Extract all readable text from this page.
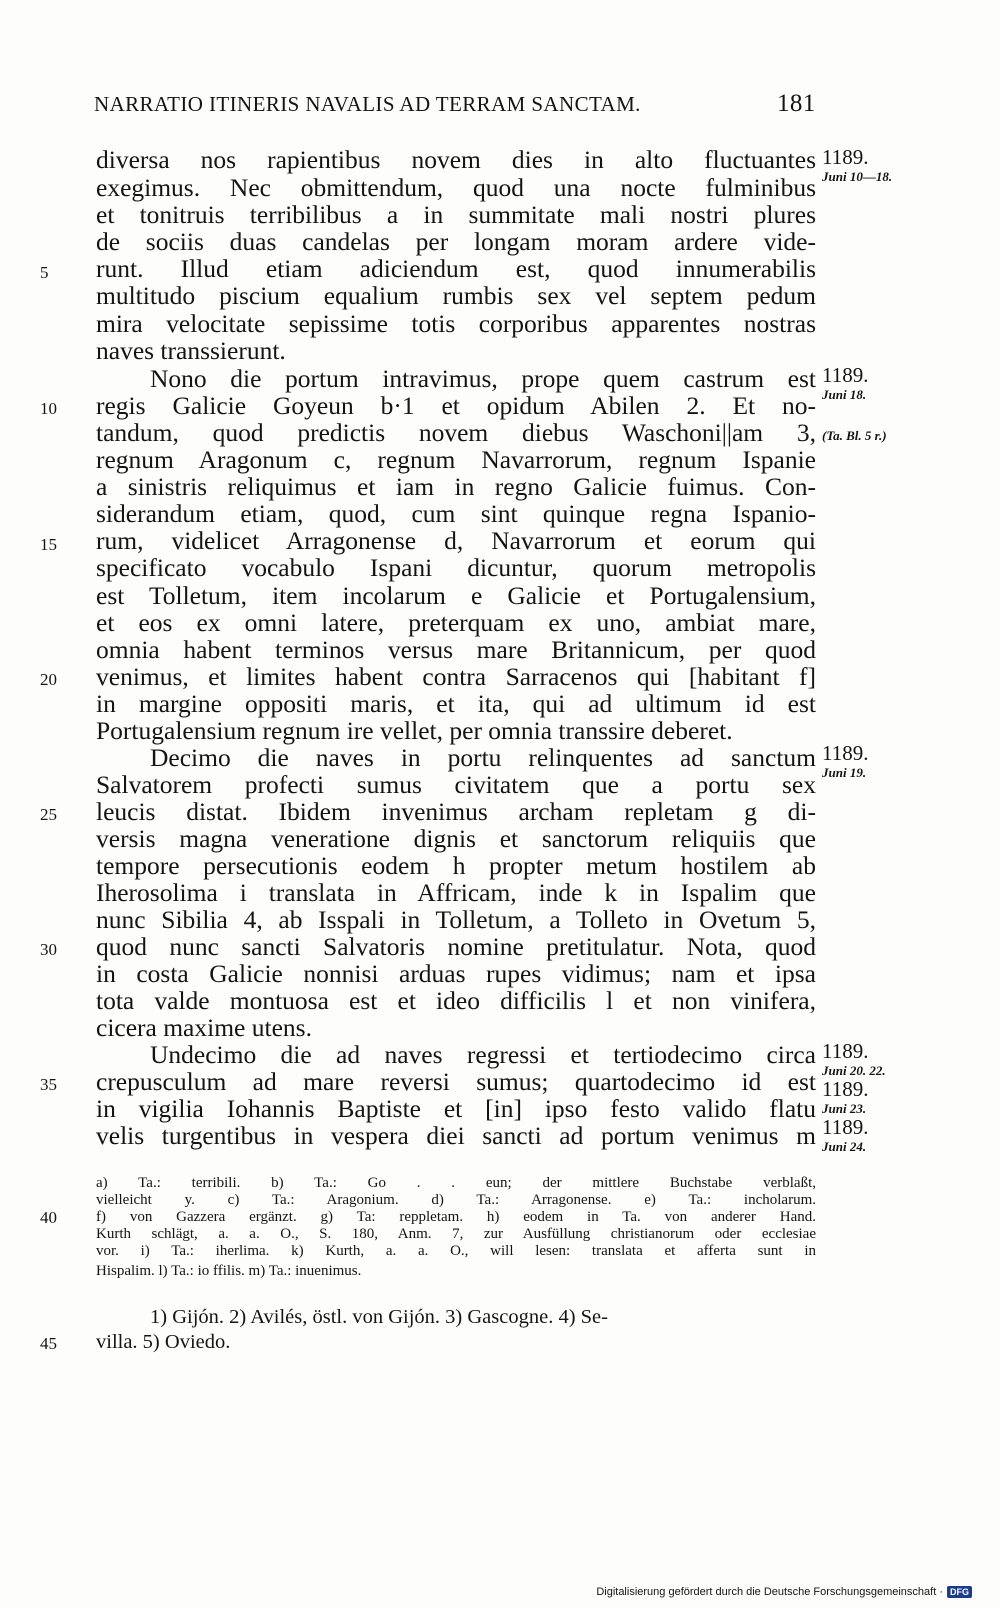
NARRATIO ITINERIS NAVALIS AD TERRAM SANCTAM.	181
diversa nos rapientibus novem dies in alto fluctuantes
exegimus. Nec obmittendum, quod una nocte fulminibus
et tonitruis terribilibus a in summitate mali nostri plures
de sociis duas candelas per longam moram ardere vide-
runt. Illud etiam adiciendum est, quod innumerabilis
multitudo piscium equalium rumbis sex vel septem pedum
mira velocitate sepissime totis corporibus apparentes nostras
naves transsierunt.
Nono die portum intravimus, prope quem castrum est
regis Galicie Goyeun b·1 et opidum Abilen 2. Et no-
tandum, quod predictis novem diebus Waschoni||am 3,
regnum Aragonum c, regnum Navarrorum, regnum Ispanie
a sinistris reliquimus et iam in regno Galicie fuimus. Con-
siderandum etiam, quod, cum sint quinque regna Ispanio-
rum, videlicet Arragonense d, Navarrorum et eorum qui
specificato vocabulo Ispani dicuntur, quorum metropolis
est Tolletum, item incolarum e Galicie et Portugalensium,
et eos ex omni latere, preterquam ex uno, ambiat mare,
omnia habent terminos versus mare Britannicum, per quod
venimus, et limites habent contra Sarracenos qui [habitant f]
in margine oppositi maris, et ita, qui ad ultimum id est
Portugalensium regnum ire vellet, per omnia transsire deberet.
Decimo die naves in portu relinquentes ad sanctum
Salvatorem profecti sumus civitatem que a portu sex
leucis distat. Ibidem invenimus archam repletam g di-
versis magna veneratione dignis et sanctorum reliquiis que
tempore persecutionis eodem h propter metum hostilem ab
Iherosolima i translata in Affricam, inde k in Ispalim que
nunc Sibilia 4, ab Isspali in Tolletum, a Tolleto in Ovetum 5,
quod nunc sancti Salvatoris nomine pretitulatur. Nota, quod
in costa Galicie nonnisi arduas rupes vidimus; nam et ipsa
tota valde montuosa est et ideo difficilis l et non vinifera,
cicera maxime utens.
Undecimo die ad naves regressi et tertiodecimo circa
crepusculum ad mare reversi sumus; quartodecimo id est
in vigilia Iohannis Baptiste et [in] ipso festo valido flatu
velis turgentibus in vespera diei sancti ad portum venimus m
5
10
15
20
25
30
35
40
45
1189.
Juni 10—18.
1189.
Juni 18.
(Ta. Bl. 5 r.)
1189.
Juni 19.
1189.
Juni 20. 22.
1189.
Juni 23.
1189.
Juni 24.
a) Ta.: terribili. b) Ta.: Go . . eun; der mittlere Buchstabe verblaßt,
vielleicht y. c) Ta.: Aragonium. d) Ta.: Arragonense. e) Ta.: incholarum.
f) von Gazzera ergänzt. g) Ta: reppletam. h) eodem in Ta. von anderer Hand.
Kurth schlägt, a. a. O., S. 180, Anm. 7, zur Ausfüllung christianorum oder ecclesiae
vor. i) Ta.: iherlima. k) Kurth, a. a. O., will lesen: translata et afferta sunt in
Hispalim. l) Ta.: io ffilis. m) Ta.: inuenimus.
1) Gijón. 2) Avilés, östl. von Gijón. 3) Gascogne. 4) Se-
villa. 5) Oviedo.
Digitalisierung gefördert durch die Deutsche Forschungsgemeinschaft · DFG
